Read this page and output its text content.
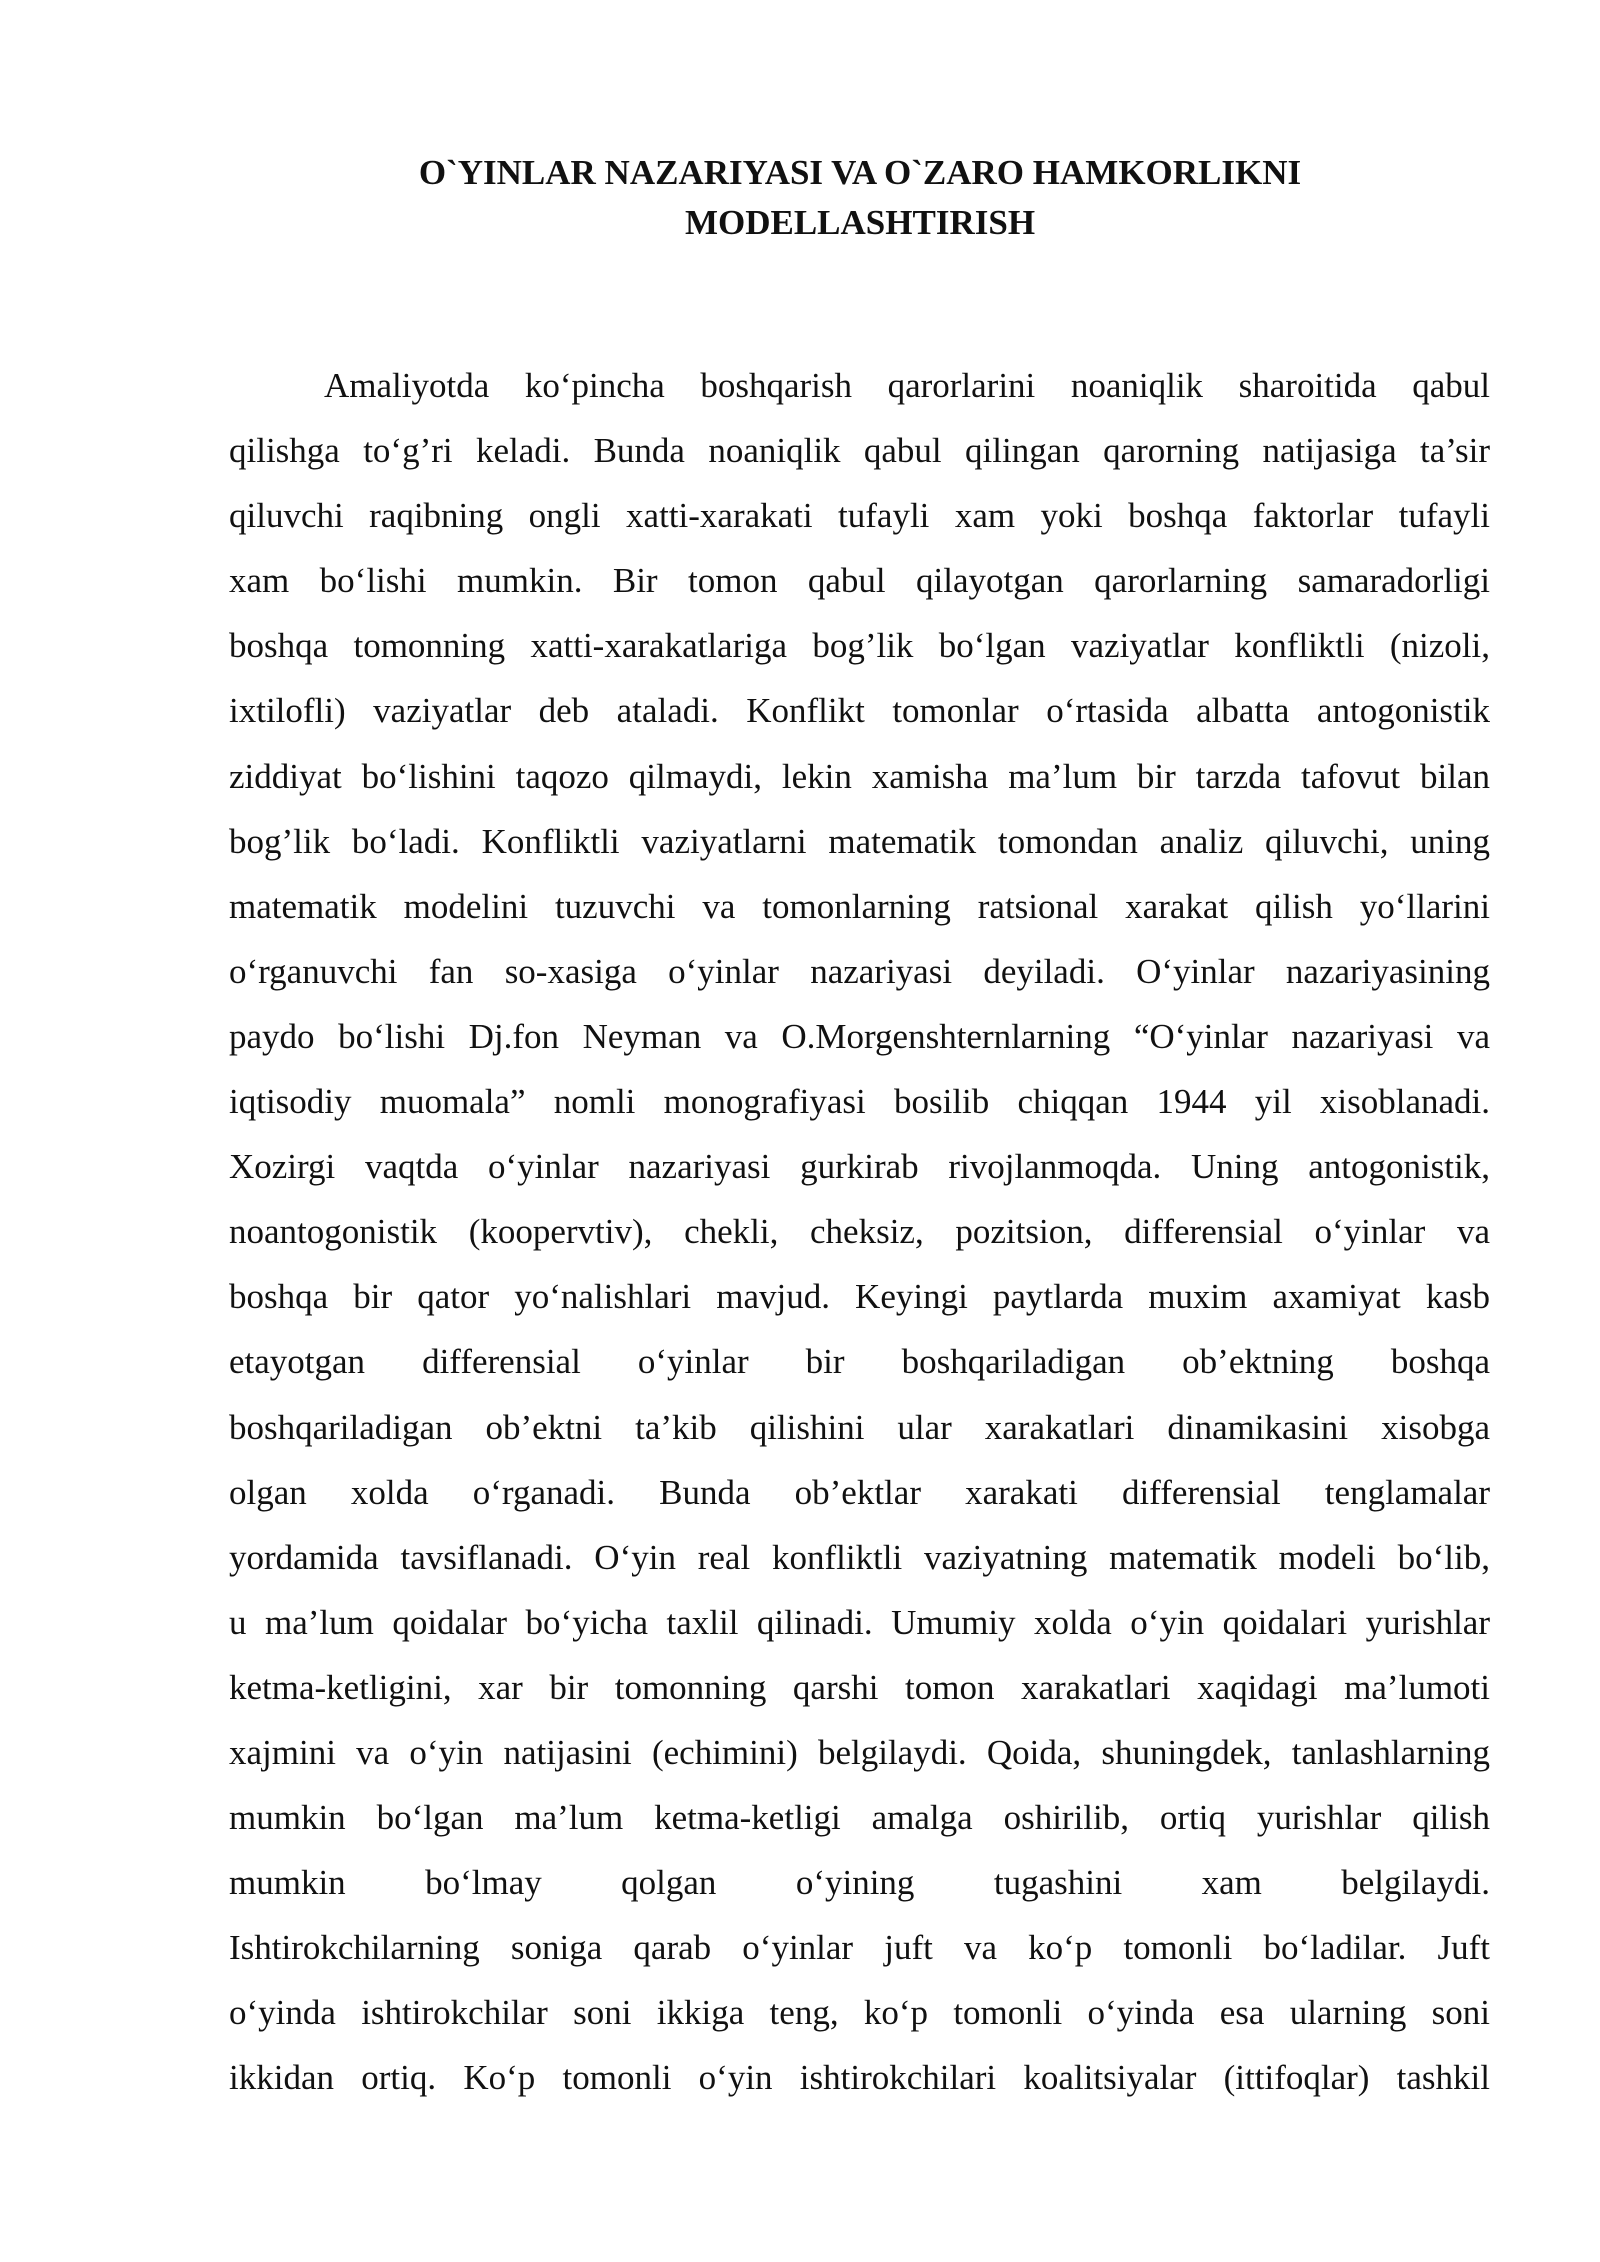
O`YINLAR NAZARIYASI VA O`ZARO HAMKORLIKNI
MODELLASHTIRISH
Amaliyotda ko‘pincha boshqarish qarorlarini noaniqlik sharoitida qabul
qilishga to‘g’ri keladi. Bunda noaniqlik qabul qilingan qarorning natijasiga ta’sir
qiluvchi raqibning ongli xatti-xarakati tufayli xam yoki boshqa faktorlar tufayli
xam bo‘lishi mumkin. Bir tomon qabul qilayotgan qarorlarning samaradorligi
boshqa tomonning xatti-xarakatlariga bog’lik bo‘lgan vaziyatlar konfliktli (nizoli,
ixtilofli) vaziyatlar deb ataladi. Konflikt tomonlar o‘rtasida albatta antogonistik
ziddiyat bo‘lishini taqozo qilmaydi, lekin xamisha ma’lum bir tarzda tafovut bilan
bog’lik bo‘ladi. Konfliktli vaziyatlarni matematik tomondan analiz qiluvchi, uning
matematik modelini tuzuvchi va tomonlarning ratsional xarakat qilish yo‘llarini
o‘rganuvchi fan so-xasiga o‘yinlar nazariyasi deyiladi. O‘yinlar nazariyasining
paydo bo‘lishi Dj.fon Neyman va O.Morgenshternlarning “O‘yinlar nazariyasi va
iqtisodiy muomala” nomli monografiyasi bosilib chiqqan 1944 yil xisoblanadi.
Xozirgi vaqtda o‘yinlar nazariyasi gurkirab rivojlanmoqda. Uning antogonistik,
noantogonistik (koopervtiv), chekli, cheksiz, pozitsion, differensial o‘yinlar va
boshqa bir qator yo‘nalishlari mavjud. Keyingi paytlarda muxim axamiyat kasb
etayotgan differensial o‘yinlar bir boshqariladigan ob’ektning boshqa
boshqariladigan ob’ektni ta’kib qilishini ular xarakatlari dinamikasini xisobga
olgan xolda o‘rganadi. Bunda ob’ektlar xarakati differensial tenglamalar
yordamida tavsiflanadi. O‘yin real konfliktli vaziyatning matematik modeli bo‘lib,
u ma’lum qoidalar bo‘yicha taxlil qilinadi. Umumiy xolda o‘yin qoidalari yurishlar
ketma-ketligini, xar bir tomonning qarshi tomon xarakatlari xaqidagi ma’lumoti
xajmini va o‘yin natijasini (echimini) belgilaydi. Qoida, shuningdek, tanlashlarning
mumkin bo‘lgan ma’lum ketma-ketligi amalga oshirilib, ortiq yurishlar qilish
mumkin bo‘lmay qolgan o‘yining tugashini xam belgilaydi.
Ishtirokchilarning soniga qarab o‘yinlar juft va ko‘p tomonli bo‘ladilar. Juft
o‘yinda ishtirokchilar soni ikkiga teng, ko‘p tomonli o‘yinda esa ularning soni
ikkidan ortiq. Ko‘p tomonli o‘yin ishtirokchilari koalitsiyalar (ittifoqlar) tashkil
